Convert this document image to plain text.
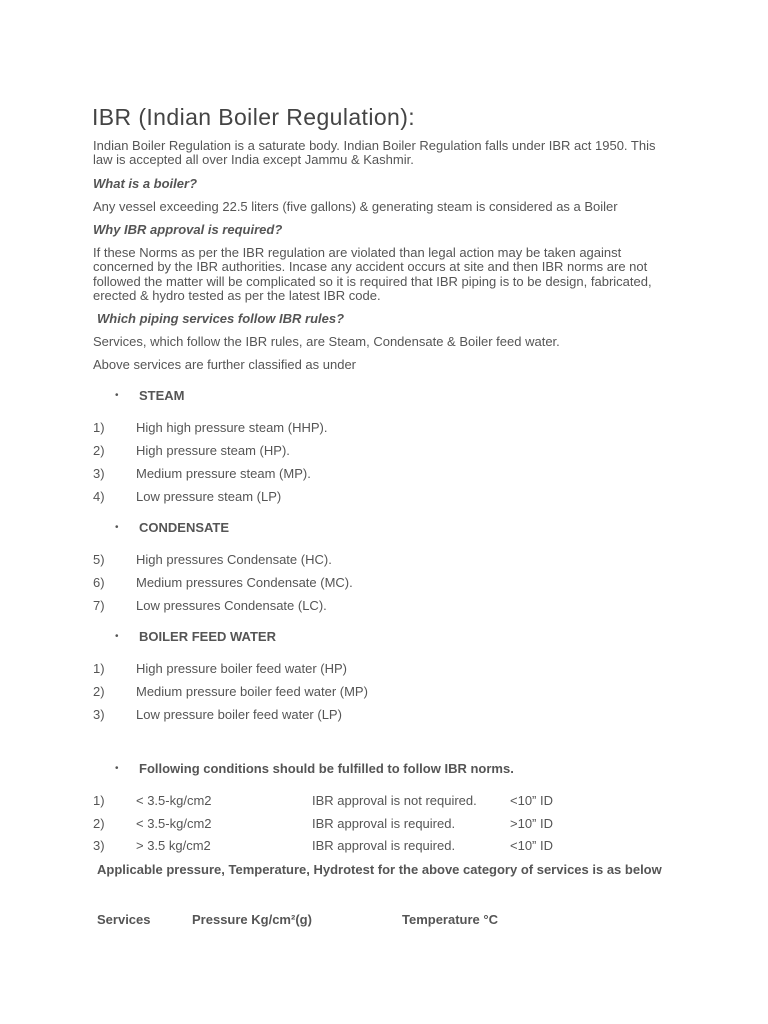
IBR (Indian Boiler Regulation):
Indian Boiler Regulation is a saturate body. Indian Boiler Regulation falls under IBR act 1950. This law is accepted all over India except Jammu & Kashmir.
What is a boiler?
Any vessel exceeding 22.5 liters (five gallons) & generating steam is considered as a Boiler
Why IBR approval is required?
If these Norms as per the IBR regulation are violated than legal action may be taken against concerned by the IBR authorities. Incase any accident occurs at site and then IBR norms are not followed the matter will be complicated so it is required that IBR piping is to be design, fabricated, erected & hydro tested as per the latest IBR code.
Which piping services follow IBR rules?
Services, which follow the IBR rules, are Steam, Condensate & Boiler feed water.
Above services are further classified as under
• STEAM
1) High high pressure steam (HHP).
2) High pressure steam (HP).
3) Medium pressure steam (MP).
4) Low pressure steam (LP)
• CONDENSATE
5) High pressures Condensate (HC).
6) Medium pressures Condensate (MC).
7) Low pressures Condensate (LC).
• BOILER FEED WATER
1) High pressure boiler feed water (HP)
2) Medium pressure boiler feed water (MP)
3) Low pressure boiler feed water (LP)
• Following conditions should be fulfilled to follow IBR norms.
1) < 3.5-kg/cm2	IBR approval is not required.	<10” ID
2) < 3.5-kg/cm2	IBR approval is required.	>10” ID
3) > 3.5 kg/cm2	IBR approval is required.	<10” ID
Applicable pressure, Temperature, Hydrotest for the above category of services is as below
Services	Pressure Kg/cm²(g)	Temperature °C
